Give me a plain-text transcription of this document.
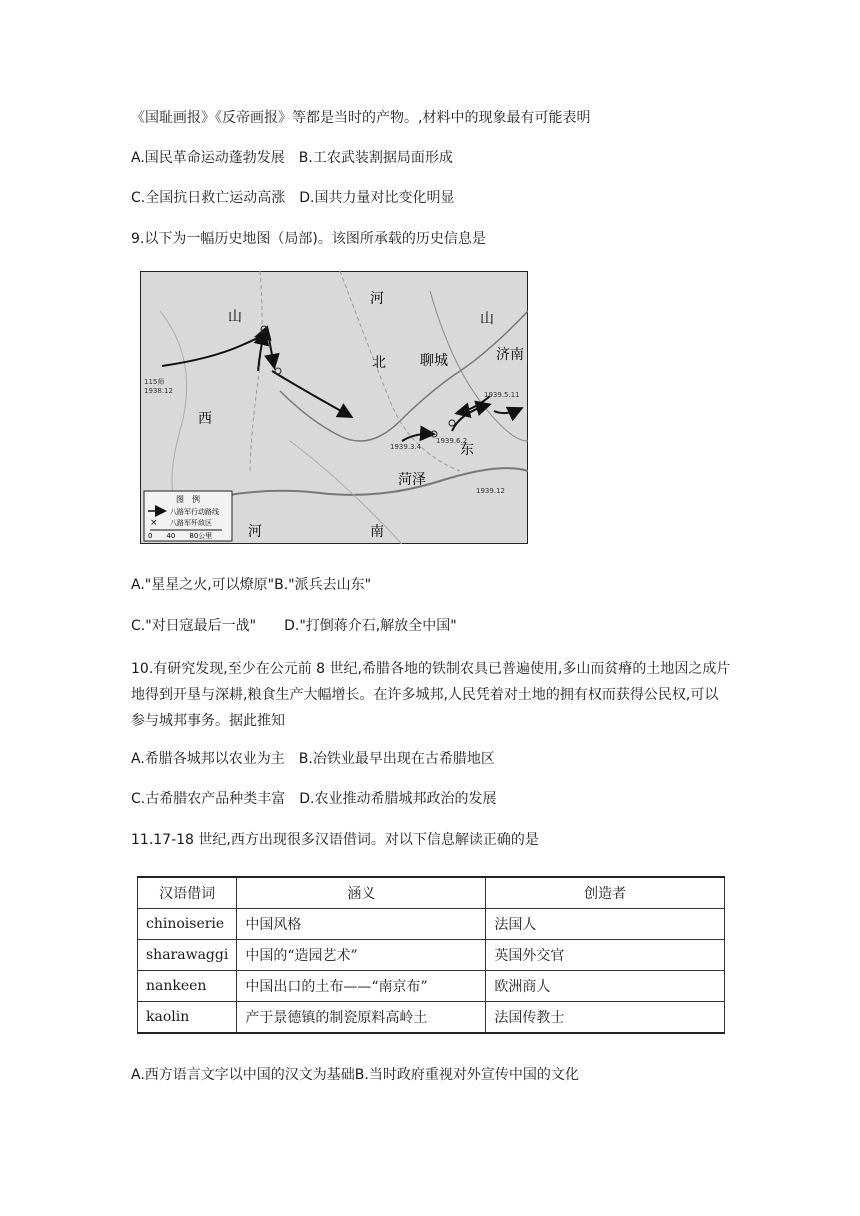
《国耻画报》《反帝画报》等都是当时的产物。,材料中的现象最有可能表明
A.国民革命运动蓬勃发展 B.工农武装割据局面形成
C.全国抗日救亡运动高涨 D.国共力量对比变化明显
9.以下为一幅历史地图（局部)。该图所承载的历史信息是
山
河
山
济南
西
北 聊城
东
菏泽
河	南
115师
1938.12
1939.3.4
1939.6.2
1939.5.11
1939.12
图　例
八路军行动路线
× 八路军歼敌区
0　　40　　80公里
A."星星之火,可以燎原"B."派兵去山东"
C."对日寇最后一战" D."打倒蒋介石,解放全中国"
10.有研究发现,至少在公元前 8 世纪,希腊各地的铁制农具已普遍使用,多山而贫瘠的土地因之成片地得到开垦与深耕,粮食生产大幅增长。在许多城邦,人民凭着对土地的拥有权而获得公民权,可以参与城邦事务。据此推知
A.希腊各城邦以农业为主 B.冶铁业最早出现在古希腊地区
C.古希腊农产品种类丰富 D.农业推动希腊城邦政治的发展
11.17-18 世纪,西方出现很多汉语借词。对以下信息解读正确的是
汉语借词	涵义	创造者
chinoiserie	中国风格	法国人
sharawaggi	中国的“造园艺术”	英国外交官
nankeen	中国出口的土布——“南京布”	欧洲商人
kaolin	产于景德镇的制瓷原料高岭土	法国传教士
A.西方语言文字以中国的汉文为基础B.当时政府重视对外宣传中国的文化
